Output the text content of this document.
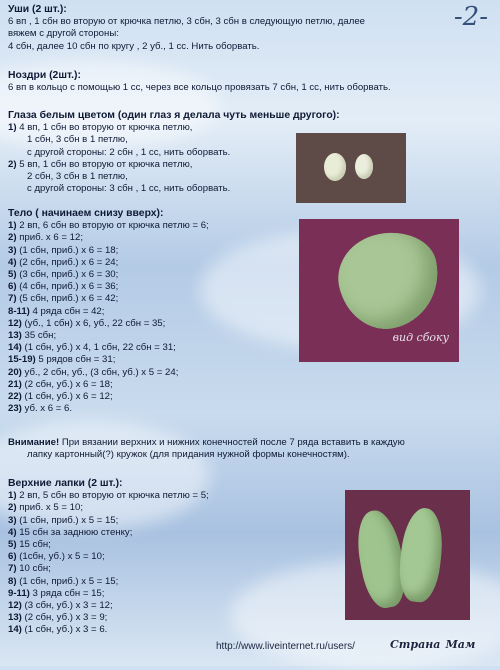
-2-
Уши (2 шт.):
6 вп , 1 сбн во вторую от крючка петлю, 3 сбн, 3 сбн в следующую петлю, далее
вяжем с другой стороны:
4 сбн, далее 10 сбн по кругу , 2 уб., 1 сс. Нить оборвать.
Ноздри (2шт.):
6 вп в кольцо с помощью 1 сс, через все кольцо провязать 7 сбн, 1 сс, нить оборвать.
Глаза белым цветом (один глаз я делала чуть меньше другого):
1) 4 вп, 1 сбн во вторую от крючка петлю,
1 сбн, 3 сбн в 1 петлю,
с другой стороны: 2 сбн , 1 сс, нить оборвать.
2) 5 вп, 1 сбн во вторую от крючка петлю,
2 сбн, 3 сбн в 1 петлю,
с другой стороны: 3 сбн , 1 сс, нить оборвать.
Тело ( начинаем снизу вверх):
1) 2 вп, 6 сбн во вторую от крючка петлю = 6;
2) приб. х 6 = 12;
3) (1 сбн, приб.) х 6 = 18;
4) (2 сбн, приб.) х 6 = 24;
5) (3 сбн, приб.) х 6 = 30;
6) (4 сбн, приб.) х 6 = 36;
7) (5 сбн, приб.) х 6 = 42;
8-11) 4 ряда сбн = 42;
12) (уб., 1 сбн) х 6, уб., 22 сбн = 35;
13) 35 сбн;
14) (1 сбн, уб.) х 4, 1 сбн, 22 сбн = 31;
15-19) 5 рядов сбн = 31;
20) уб., 2 сбн, уб., (3 сбн, уб.) х 5 = 24;
21) (2 сбн, уб.) х 6 = 18;
22) (1 сбн, уб.) х 6 = 12;
23) уб. х 6 = 6.
Внимание! При вязании верхних и нижних конечностей после 7 ряда вставить в каждую
лапку картонный(?) кружок (для придания нужной формы конечностям).
Верхние лапки (2 шт.):
1) 2 вп, 5 сбн во вторую от крючка петлю = 5;
2) приб. х 5 = 10;
3) (1 сбн, приб.) х 5 = 15;
4) 15 сбн за заднюю стенку;
5) 15 сбн;
6) (1сбн, уб.) х 5 = 10;
7) 10 сбн;
8) (1 сбн, приб.) х 5 = 15;
9-11) 3 ряда сбн = 15;
12) (3 сбн, уб.) х 3 = 12;
13) (2 сбн, уб.) х 3 = 9;
14) (1 сбн, уб.) х 3 = 6.
вид сбоку
http://www.liveinternet.ru/users/	Страна Мам
